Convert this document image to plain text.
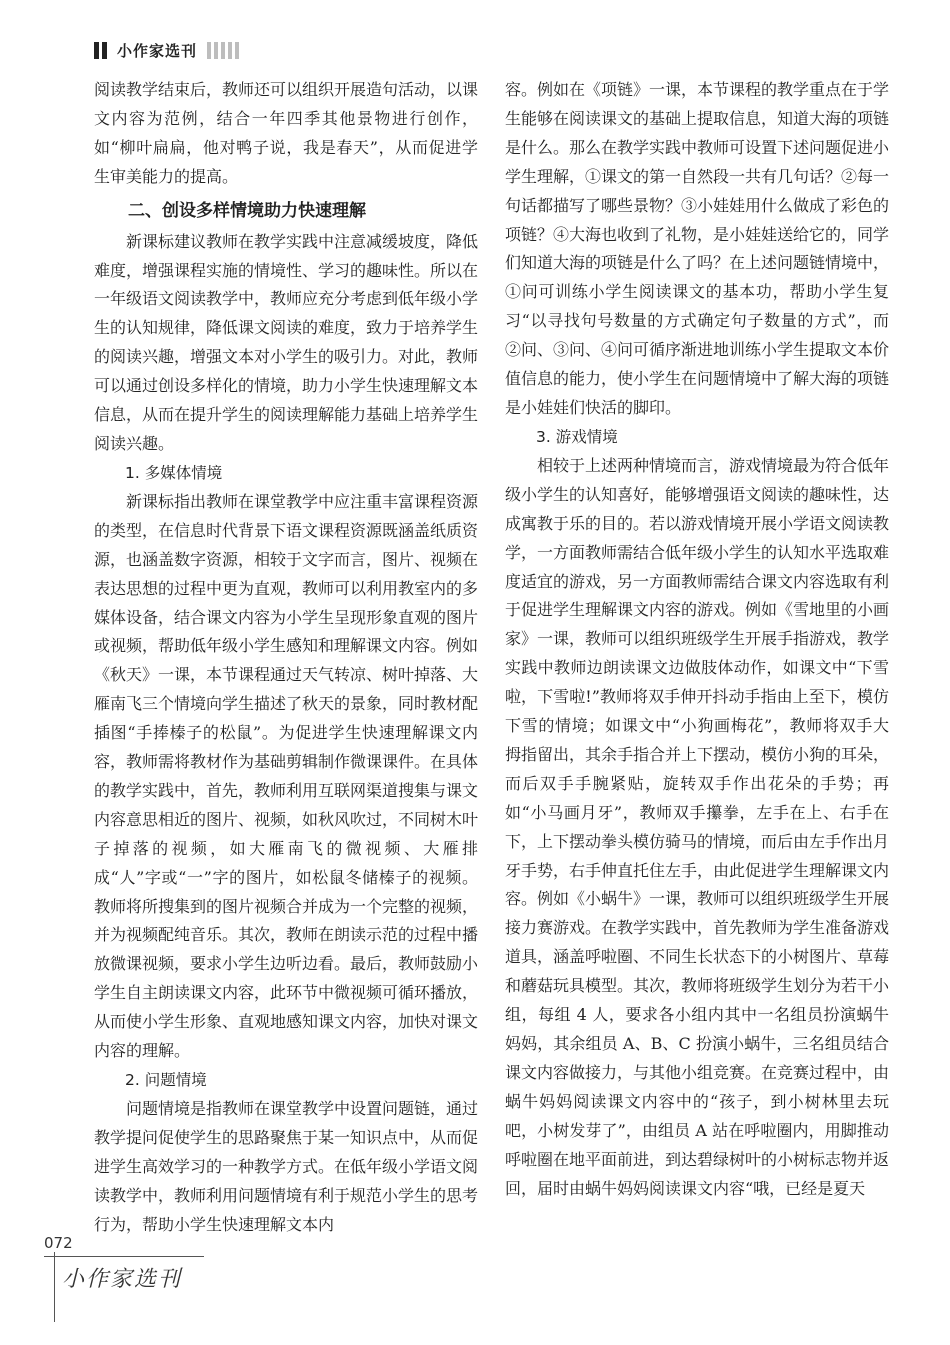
小作家选刊

阅读教学结束后，教师还可以组织开展造句活动，以课文内容为范例，结合一年四季其他景物进行创作，如“柳叶扁扁，他对鸭子说，我是春天”，从而促进学生审美能力的提高。

二、创设多样情境助力快速理解

新课标建议教师在教学实践中注意减缓坡度，降低难度，增强课程实施的情境性、学习的趣味性。所以在一年级语文阅读教学中，教师应充分考虑到低年级小学生的认知规律，降低课文阅读的难度，致力于培养学生的阅读兴趣，增强文本对小学生的吸引力。对此，教师可以通过创设多样化的情境，助力小学生快速理解文本信息，从而在提升学生的阅读理解能力基础上培养学生阅读兴趣。

1. 多媒体情境

新课标指出教师在课堂教学中应注重丰富课程资源的类型，在信息时代背景下语文课程资源既涵盖纸质资源，也涵盖数字资源，相较于文字而言，图片、视频在表达思想的过程中更为直观，教师可以利用教室内的多媒体设备，结合课文内容为小学生呈现形象直观的图片或视频，帮助低年级小学生感知和理解课文内容。例如《秋天》一课，本节课程通过天气转凉、树叶掉落、大雁南飞三个情境向学生描述了秋天的景象，同时教材配插图“手捧榛子的松鼠”。为促进学生快速理解课文内容，教师需将教材作为基础剪辑制作微课课件。在具体的教学实践中，首先，教师利用互联网渠道搜集与课文内容意思相近的图片、视频，如秋风吹过，不同树木叶子掉落的视频，如大雁南飞的微视频、大雁排成“人”字或“一”字的图片，如松鼠冬储榛子的视频。教师将所搜集到的图片视频合并成为一个完整的视频，并为视频配纯音乐。其次，教师在朗读示范的过程中播放微课视频，要求小学生边听边看。最后，教师鼓励小学生自主朗读课文内容，此环节中微视频可循环播放，从而使小学生形象、直观地感知课文内容，加快对课文内容的理解。

2. 问题情境

问题情境是指教师在课堂教学中设置问题链，通过教学提问促使学生的思路聚焦于某一知识点中，从而促进学生高效学习的一种教学方式。在低年级小学语文阅读教学中，教师利用问题情境有利于规范小学生的思考行为，帮助小学生快速理解文本内

容。例如在《项链》一课，本节课程的教学重点在于学生能够在阅读课文的基础上提取信息，知道大海的项链是什么。那么在教学实践中教师可设置下述问题促进小学生理解，①课文的第一自然段一共有几句话？②每一句话都描写了哪些景物？③小娃娃用什么做成了彩色的项链？④大海也收到了礼物，是小娃娃送给它的，同学们知道大海的项链是什么了吗？在上述问题链情境中，①问可训练小学生阅读课文的基本功，帮助小学生复习“以寻找句号数量的方式确定句子数量的方式”，而②问、③问、④问可循序渐进地训练小学生提取文本价值信息的能力，使小学生在问题情境中了解大海的项链是小娃娃们快活的脚印。

3. 游戏情境

相较于上述两种情境而言，游戏情境最为符合低年级小学生的认知喜好，能够增强语文阅读的趣味性，达成寓教于乐的目的。若以游戏情境开展小学语文阅读教学，一方面教师需结合低年级小学生的认知水平选取难度适宜的游戏，另一方面教师需结合课文内容选取有利于促进学生理解课文内容的游戏。例如《雪地里的小画家》一课，教师可以组织班级学生开展手指游戏，教学实践中教师边朗读课文边做肢体动作，如课文中“下雪啦，下雪啦!”教师将双手伸开抖动手指由上至下，模仿下雪的情境；如课文中“小狗画梅花”，教师将双手大拇指留出，其余手指合并上下摆动，模仿小狗的耳朵，而后双手手腕紧贴，旋转双手作出花朵的手势；再如“小马画月牙”，教师双手攥拳，左手在上、右手在下，上下摆动拳头模仿骑马的情境，而后由左手作出月牙手势，右手伸直托住左手，由此促进学生理解课文内容。例如《小蜗牛》一课，教师可以组织班级学生开展接力赛游戏。在教学实践中，首先教师为学生准备游戏道具，涵盖呼啦圈、不同生长状态下的小树图片、草莓和蘑菇玩具模型。其次，教师将班级学生划分为若干小组，每组 4 人，要求各小组内其中一名组员扮演蜗牛妈妈，其余组员 A、B、C 扮演小蜗牛，三名组员结合课文内容做接力，与其他小组竞赛。在竞赛过程中，由蜗牛妈妈阅读课文内容中的“孩子，到小树林里去玩吧，小树发芽了”，由组员 A 站在呼啦圈内，用脚推动呼啦圈在地平面前进，到达碧绿树叶的小树标志物并返回，届时由蜗牛妈妈阅读课文内容“哦，已经是夏天

072
小作家选刊
